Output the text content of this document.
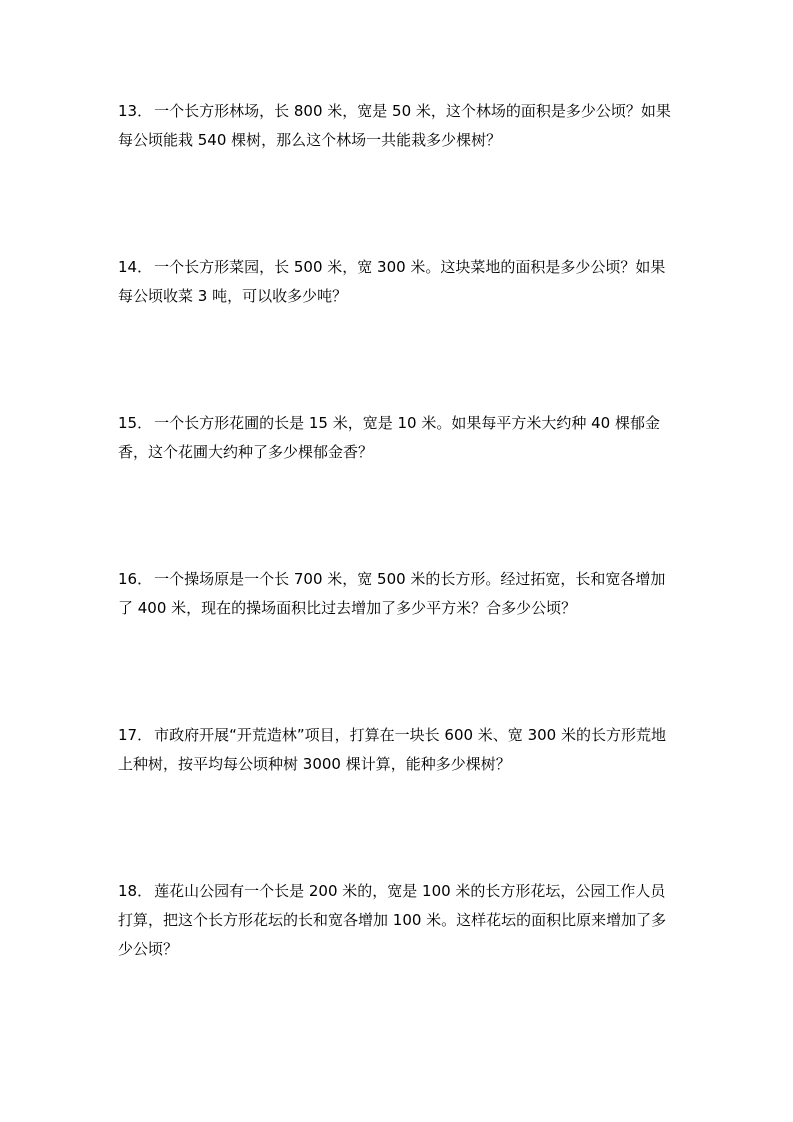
13． 一个长方形林场，长 800 米，宽是 50 米，这个林场的面积是多少公顷？如果每公顷能栽 540 棵树，那么这个林场一共能栽多少棵树？

14． 一个长方形菜园，长 500 米，宽 300 米。这块菜地的面积是多少公顷？如果每公顷收菜 3 吨，可以收多少吨？

15． 一个长方形花圃的长是 15 米，宽是 10 米。如果每平方米大约种 40 棵郁金香，这个花圃大约种了多少棵郁金香？

16． 一个操场原是一个长 700 米，宽 500 米的长方形。经过拓宽，长和宽各增加了 400 米，现在的操场面积比过去增加了多少平方米？合多少公顷？

17． 市政府开展“开荒造林”项目，打算在一块长 600 米、宽 300 米的长方形荒地上种树，按平均每公顷种树 3000 棵计算，能种多少棵树？

18． 莲花山公园有一个长是 200 米的，宽是 100 米的长方形花坛，公园工作人员打算，把这个长方形花坛的长和宽各增加 100 米。这样花坛的面积比原来增加了多少公顷？
